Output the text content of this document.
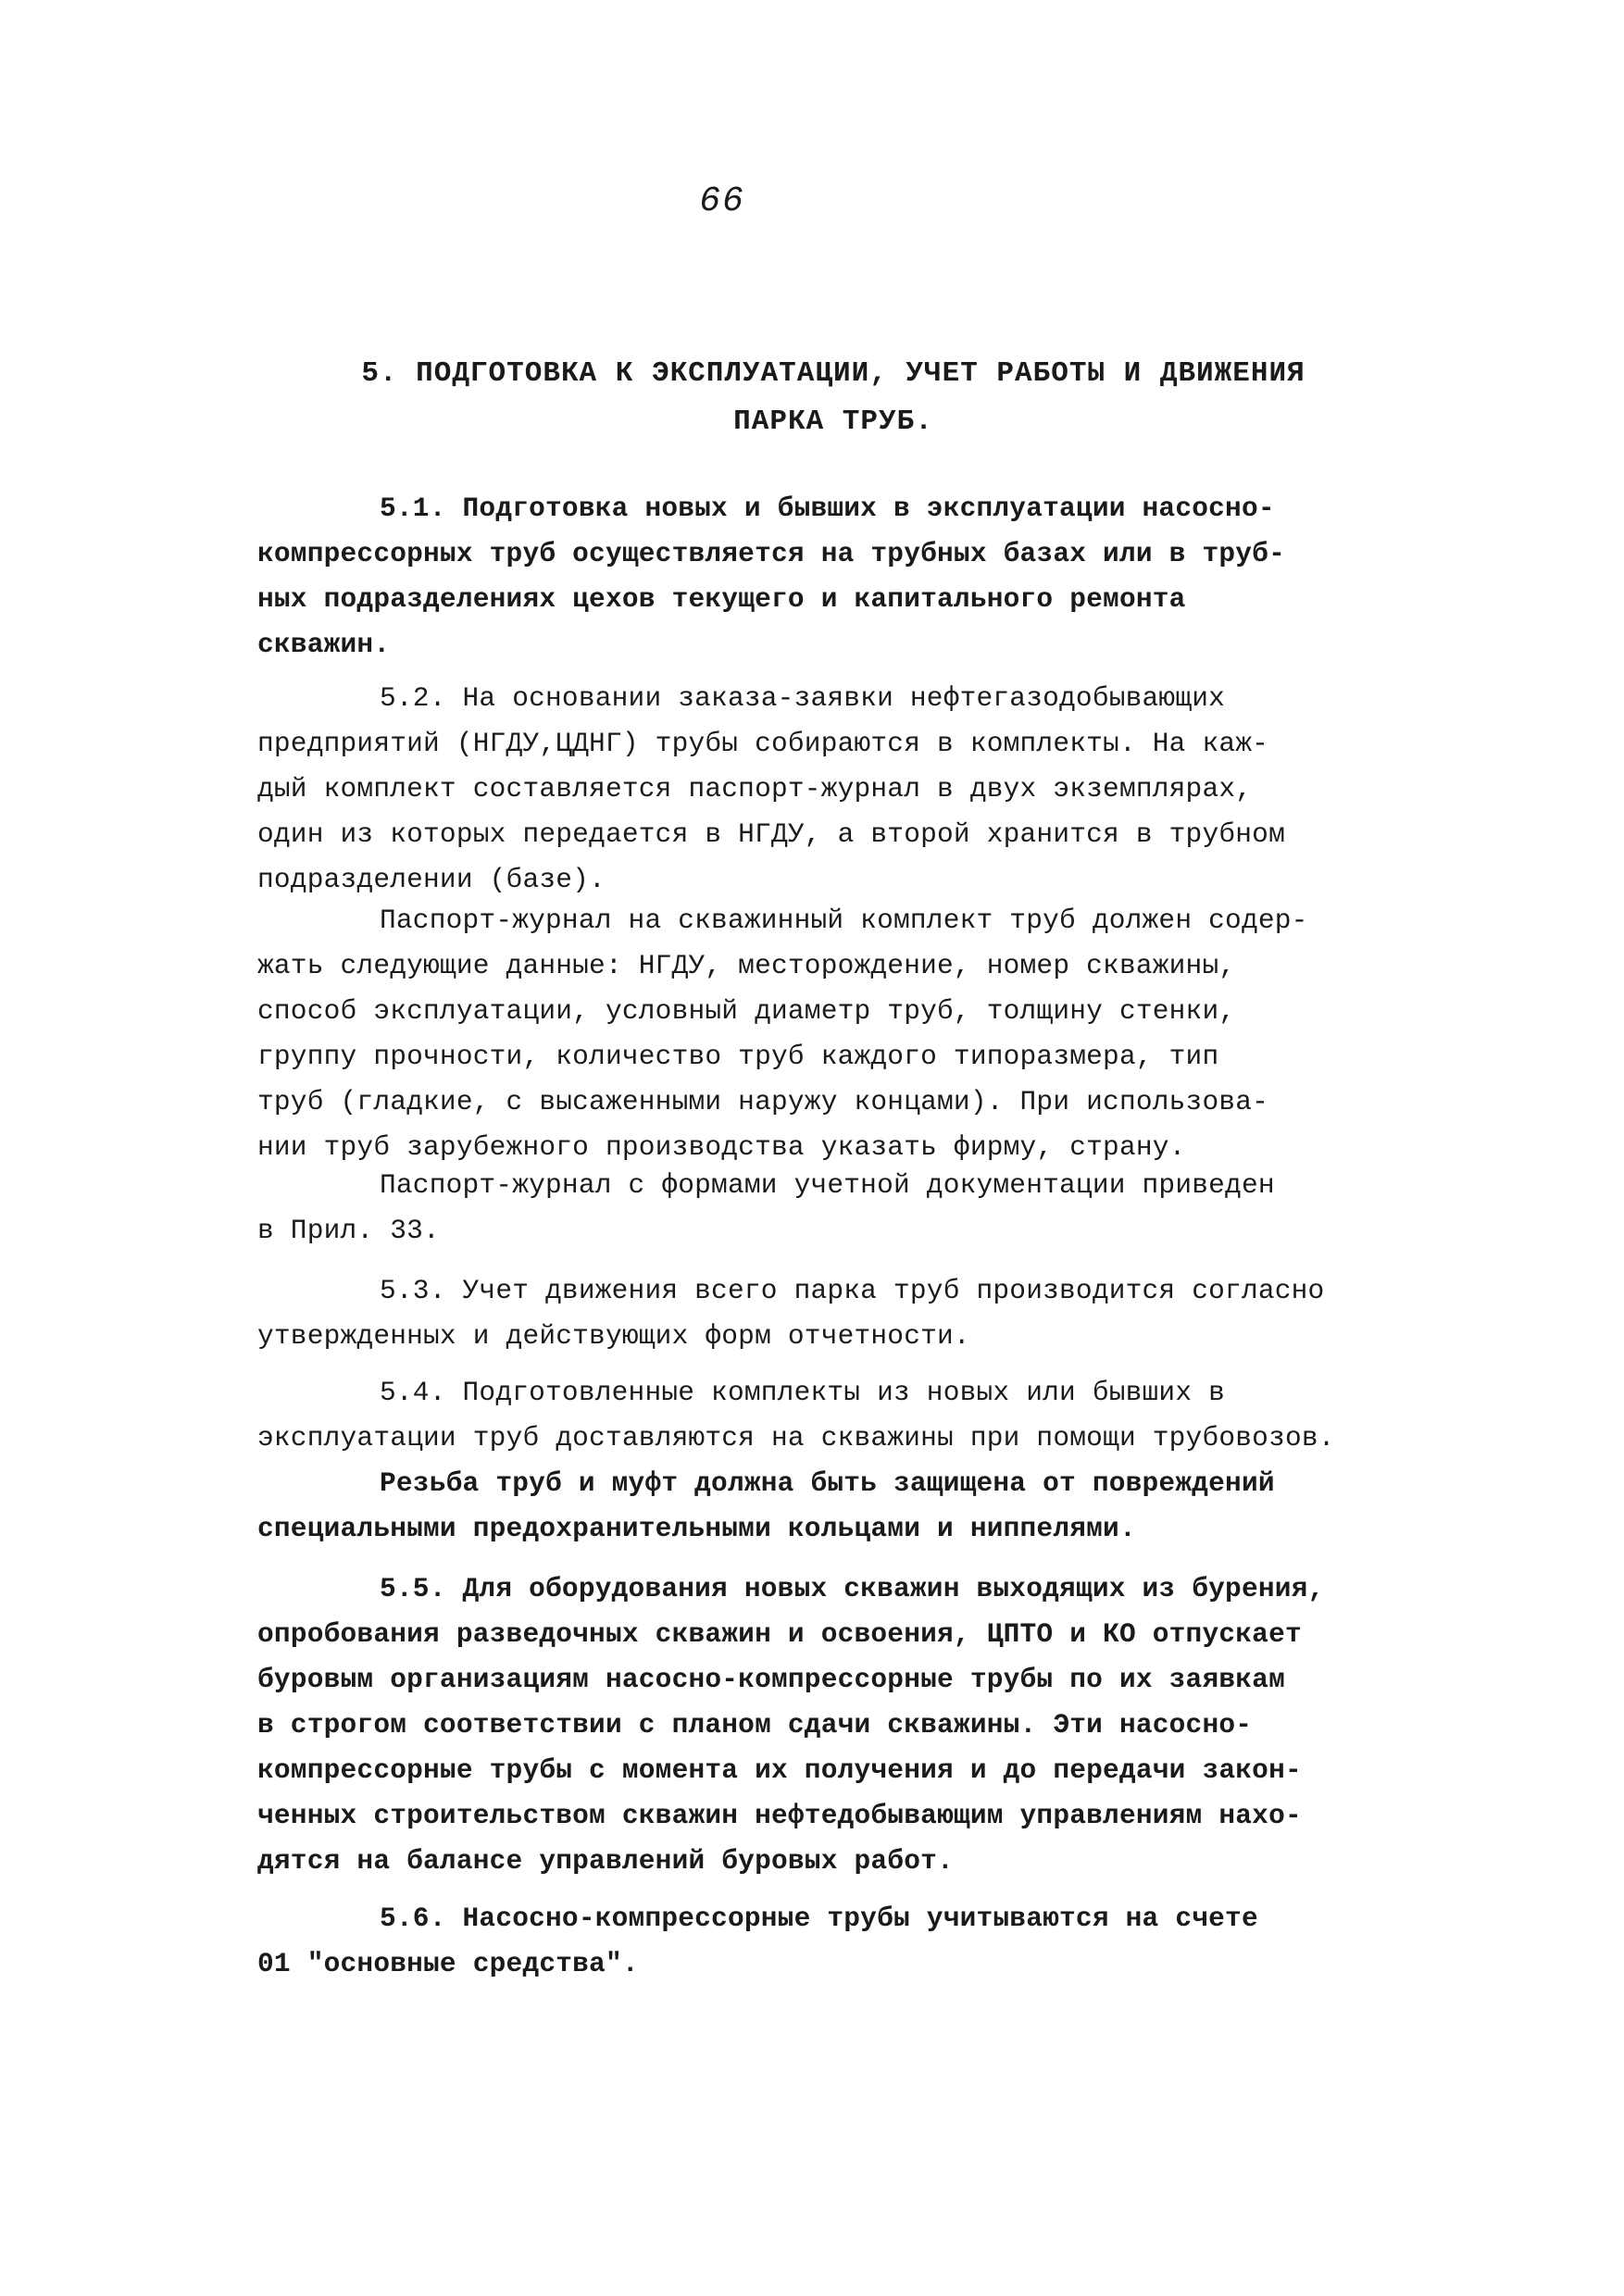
66
5. ПОДГОТОВКА К ЭКСПЛУАТАЦИИ, УЧЕТ РАБОТЫ И ДВИЖЕНИЯ
ПАРКА ТРУБ.
5.1. Подготовка новых и бывших в эксплуатации насосно-
компрессорных труб осуществляется на трубных базах или в труб-
ных подразделениях цехов текущего и капитального ремонта
скважин.
5.2. На основании заказа-заявки нефтегазодобывающих
предприятий (НГДУ,ЦДНГ) трубы собираются в комплекты. На каж-
дый комплект составляется паспорт-журнал в двух экземплярах,
один из которых передается в НГДУ, а второй хранится в трубном
подразделении (базе).
Паспорт-журнал на скважинный комплект труб должен содер-
жать следующие данные: НГДУ, месторождение, номер скважины,
способ эксплуатации, условный диаметр труб, толщину стенки,
группу прочности, количество труб каждого типоразмера, тип
труб (гладкие, с высаженными наружу концами). При использова-
нии труб зарубежного производства указать фирму, страну.
Паспорт-журнал с формами учетной документации приведен
в Прил. 33.
5.3. Учет движения всего парка труб производится согласно
утвержденных и действующих форм отчетности.
5.4. Подготовленные комплекты из новых или бывших в
эксплуатации труб доставляются на скважины при помощи трубовозов.
Резьба труб и муфт должна быть защищена от повреждений
специальными предохранительными кольцами и ниппелями.
5.5. Для оборудования новых скважин выходящих из бурения,
опробования разведочных скважин и освоения, ЦПТО и КО отпускает
буровым организациям насосно-компрессорные трубы по их заявкам
в строгом соответствии с планом сдачи скважины. Эти насосно-
компрессорные трубы с момента их получения и до передачи закон-
ченных строительством скважин нефтедобывающим управлениям нахо-
дятся на балансе управлений буровых работ.
5.6. Насосно-компрессорные трубы учитываются на счете
01 "основные средства".
